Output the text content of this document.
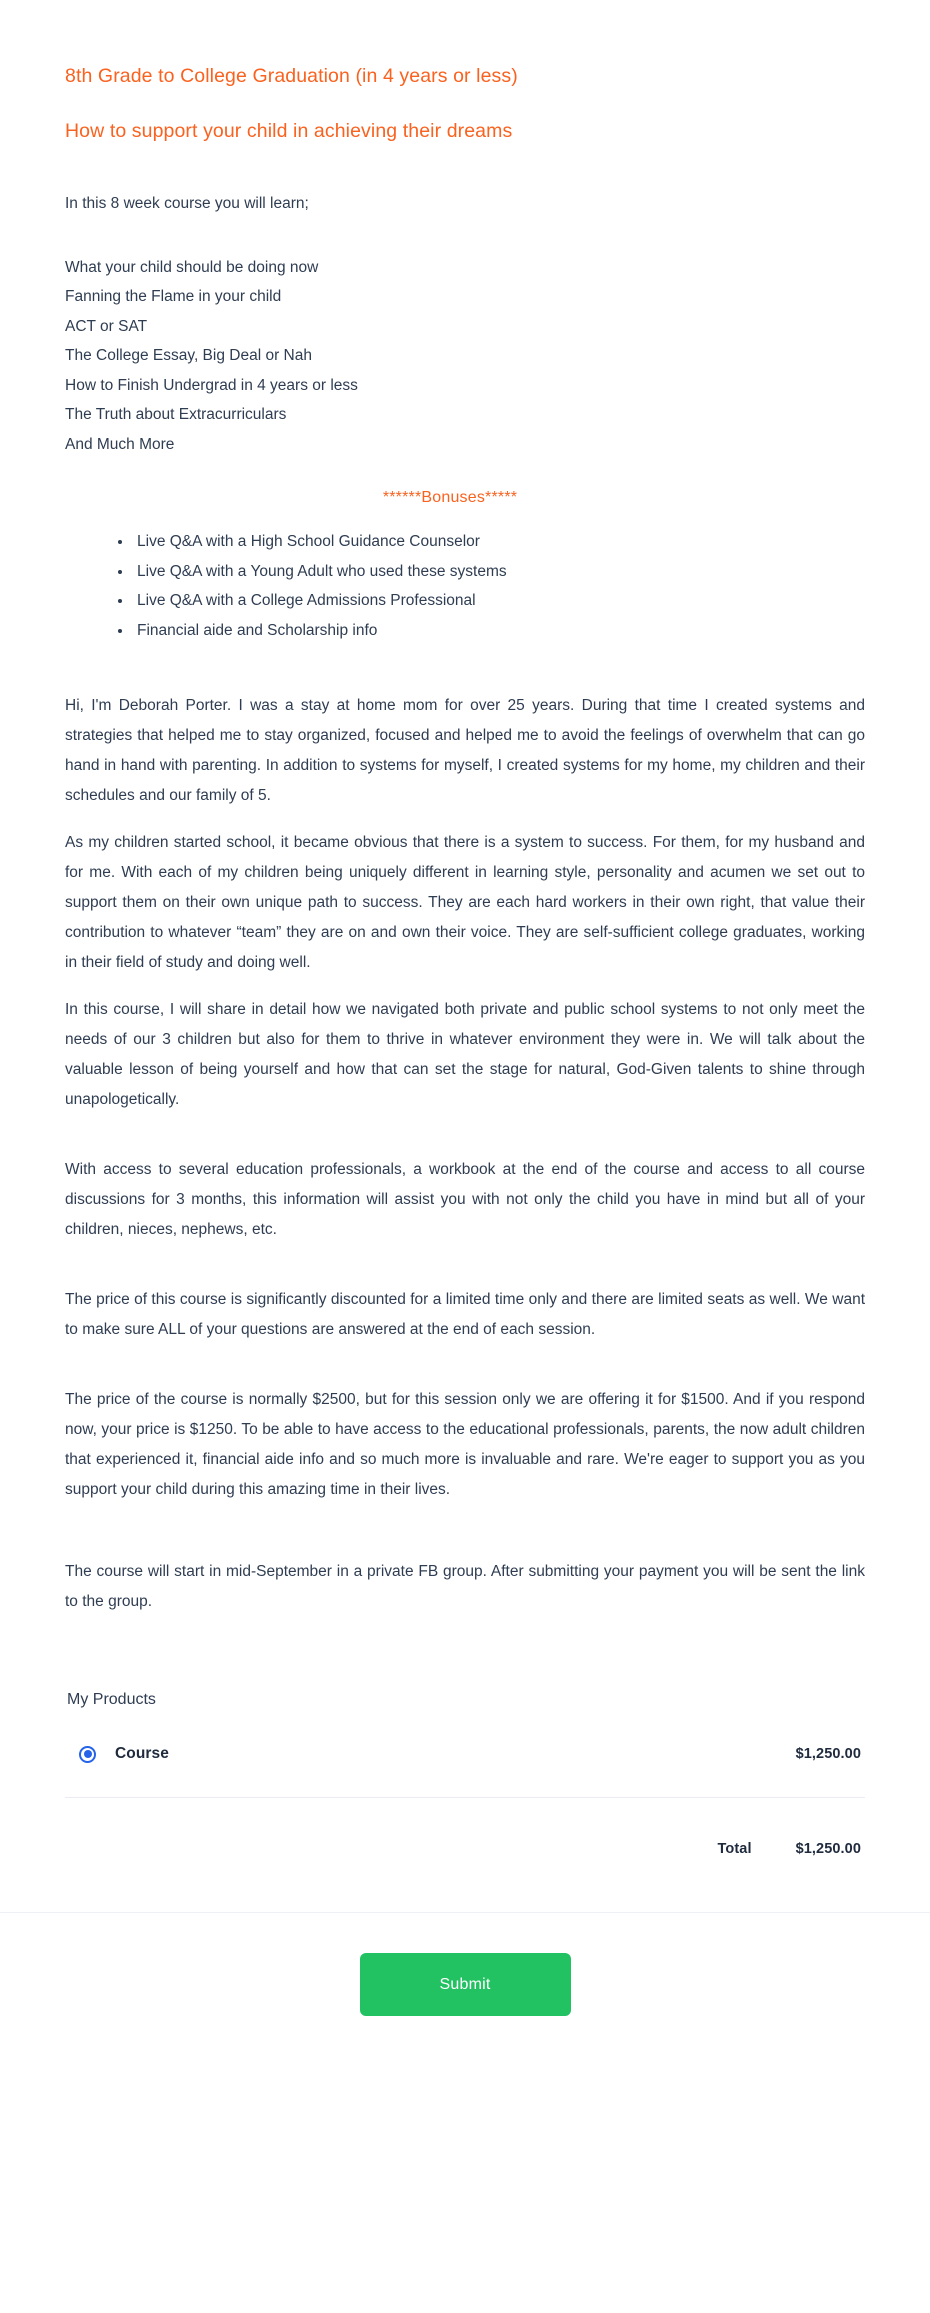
8th Grade to College Graduation (in 4 years or less)
How to support your child in achieving their dreams
In this 8 week course you will learn;
What your child should be doing now
Fanning the Flame in your child
ACT or SAT
The College Essay, Big Deal or Nah
How to Finish Undergrad in 4 years or less
The Truth about Extracurriculars
And Much More
******Bonuses*****
• Live Q&A with a High School Guidance Counselor
• Live Q&A with a Young Adult who used these systems
• Live Q&A with a College Admissions Professional
• Financial aide and Scholarship info

Hi, I'm Deborah Porter. I was a stay at home mom for over 25 years. During that time I created systems and strategies that helped me to stay organized, focused and helped me to avoid the feelings of overwhelm that can go hand in hand with parenting. In addition to systems for myself, I created systems for my home, my children and their schedules and our family of 5.

As my children started school, it became obvious that there is a system to success. For them, for my husband and for me. With each of my children being uniquely different in learning style, personality and acumen we set out to support them on their own unique path to success. They are each hard workers in their own right, that value their contribution to whatever “team” they are on and own their voice. They are self-sufficient college graduates, working in their field of study and doing well.

In this course, I will share in detail how we navigated both private and public school systems to not only meet the needs of our 3 children but also for them to thrive in whatever environment they were in. We will talk about the valuable lesson of being yourself and how that can set the stage for natural, God-Given talents to shine through unapologetically.

With access to several education professionals, a workbook at the end of the course and access to all course discussions for 3 months, this information will assist you with not only the child you have in mind but all of your children, nieces, nephews, etc.

The price of this course is significantly discounted for a limited time only and there are limited seats as well. We want to make sure ALL of your questions are answered at the end of each session.

The price of the course is normally $2500, but for this session only we are offering it for $1500. And if you respond now, your price is $1250. To be able to have access to the educational professionals, parents, the now adult children that experienced it, financial aide info and so much more is invaluable and rare. We're eager to support you as you support your child during this amazing time in their lives.

The course will start in mid-September in a private FB group. After submitting your payment you will be sent the link to the group.

My Products
Course	$1,250.00
Total	$1,250.00
Submit
